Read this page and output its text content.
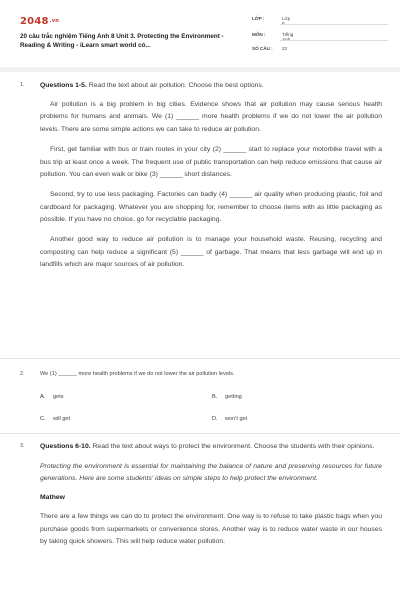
2048.vn
20 câu trắc nghiệm Tiếng Anh 8 Unit 3. Protecting the Environment - Reading & Writing - iLearn smart world có...
LỚP :	Lớp 8
MÔN :	Tiếng Anh
SỐ CÂU :	22
1. Questions 1-5. Read the text about air pollution. Choose the best options.

Air pollution is a big problem in big cities. Evidence shows that air pollution may cause serious health problems for humans and animals. We (1) ______ more health problems if we do not lower the air pollution levels. There are some simple actions we can take to reduce air pollution.

First, get familiar with bus or train routes in your city (2) ______ start to replace your motorbike travel with a bus trip at least once a week. The frequent use of public transportation can help reduce emissions that cause air pollution. You can even walk or bike (3) ______ short distances.

Second, try to use less packaging. Factories can badly (4) ______ air quality when producing plastic, foil and cardboard for packaging. Whatever you are shopping for, remember to choose items with as little packaging as possible. If you have no choice, go for recyclable packaging.

Another good way to reduce air pollution is to manage your household waste. Reusing, recycling and composting can help reduce a significant (5) ______ of garbage. That means that less garbage will end up in landfills which are major sources of air pollution.

2.	We (1) ______ more health problems if we do not lower the air pollution levels.
A. gets	B. getting
C. will get	D. won't get
3. Questions 6-10. Read the text about ways to protect the environment. Choose the students with their opinions.

Protecting the environment is essential for maintaining the balance of nature and preserving resources for future generations. Here are some students' ideas on simple steps to help protect the environment.

Mathew

There are a few things we can do to protect the environment. One way is to refuse to take plastic bags when you purchase goods from supermarkets or convenience stores. Another way is to reduce water waste in our houses by taking quick showers. This will help reduce water pollution.
